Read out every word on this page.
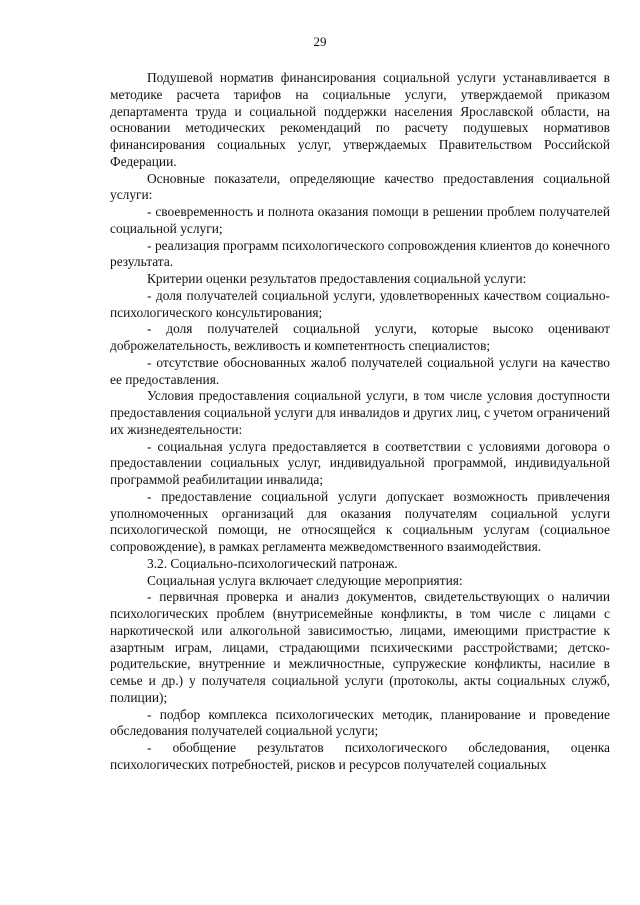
29

Подушевой норматив финансирования социальной услуги устанавливается в методике расчета тарифов на социальные услуги, утверждаемой приказом департамента труда и социальной поддержки населения Ярославской области, на основании методических рекомендаций по расчету подушевых нормативов финансирования социальных услуг, утверждаемых Правительством Российской Федерации.

Основные показатели, определяющие качество предоставления социальной услуги:

- своевременность и полнота оказания помощи в решении проблем получателей социальной услуги;

- реализация программ психологического сопровождения клиентов до конечного результата.

Критерии оценки результатов предоставления социальной услуги:

- доля получателей социальной услуги, удовлетворенных качеством социально-психологического консультирования;

- доля получателей социальной услуги, которые высоко оценивают доброжелательность, вежливость и компетентность специалистов;

- отсутствие обоснованных жалоб получателей социальной услуги на качество ее предоставления.

Условия предоставления социальной услуги, в том числе условия доступности предоставления социальной услуги для инвалидов и других лиц, с учетом ограничений их жизнедеятельности:

- социальная услуга предоставляется в соответствии с условиями договора о предоставлении социальных услуг, индивидуальной программой, индивидуальной программой реабилитации инвалида;

- предоставление социальной услуги допускает возможность привлечения уполномоченных организаций для оказания получателям социальной услуги психологической помощи, не относящейся к социальным услугам (социальное сопровождение), в рамках регламента межведомственного взаимодействия.

3.2. Социально-психологический патронаж.

Социальная услуга включает следующие мероприятия:

- первичная проверка и анализ документов, свидетельствующих о наличии психологических проблем (внутрисемейные конфликты, в том числе с лицами с наркотической или алкогольной зависимостью, лицами, имеющими пристрастие к азартным играм, лицами, страдающими психическими расстройствами; детско-родительские, внутренние и межличностные, супружеские конфликты, насилие в семье и др.) у получателя социальной услуги (протоколы, акты социальных служб, полиции);

- подбор комплекса психологических методик, планирование и проведение обследования получателей социальной услуги;

- обобщение результатов психологического обследования, оценка психологических потребностей, рисков и ресурсов получателей социальных
